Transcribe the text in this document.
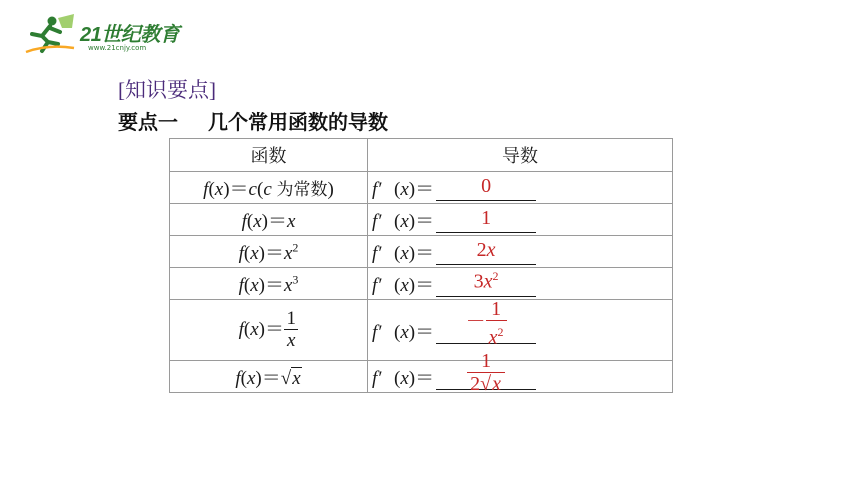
21世纪教育
www.21cnjy.com
[知识要点]
要点一 几个常用函数的导数
函数	导数
f(x)＝c(c 为常数)	f′ (x)＝ 0

f(x)＝x	f′ (x)＝ 1

$f(x)=x^2$	f′ (x)＝ 2x

$f(x)=x^3$	f′ $(x)= 3x^2$

$f(x)= \frac{1}{x}$	f′ $(x)= - \frac{1}{x^2}$

f(x)＝√x	f′ $(x)= \frac{1}{2√x}$
